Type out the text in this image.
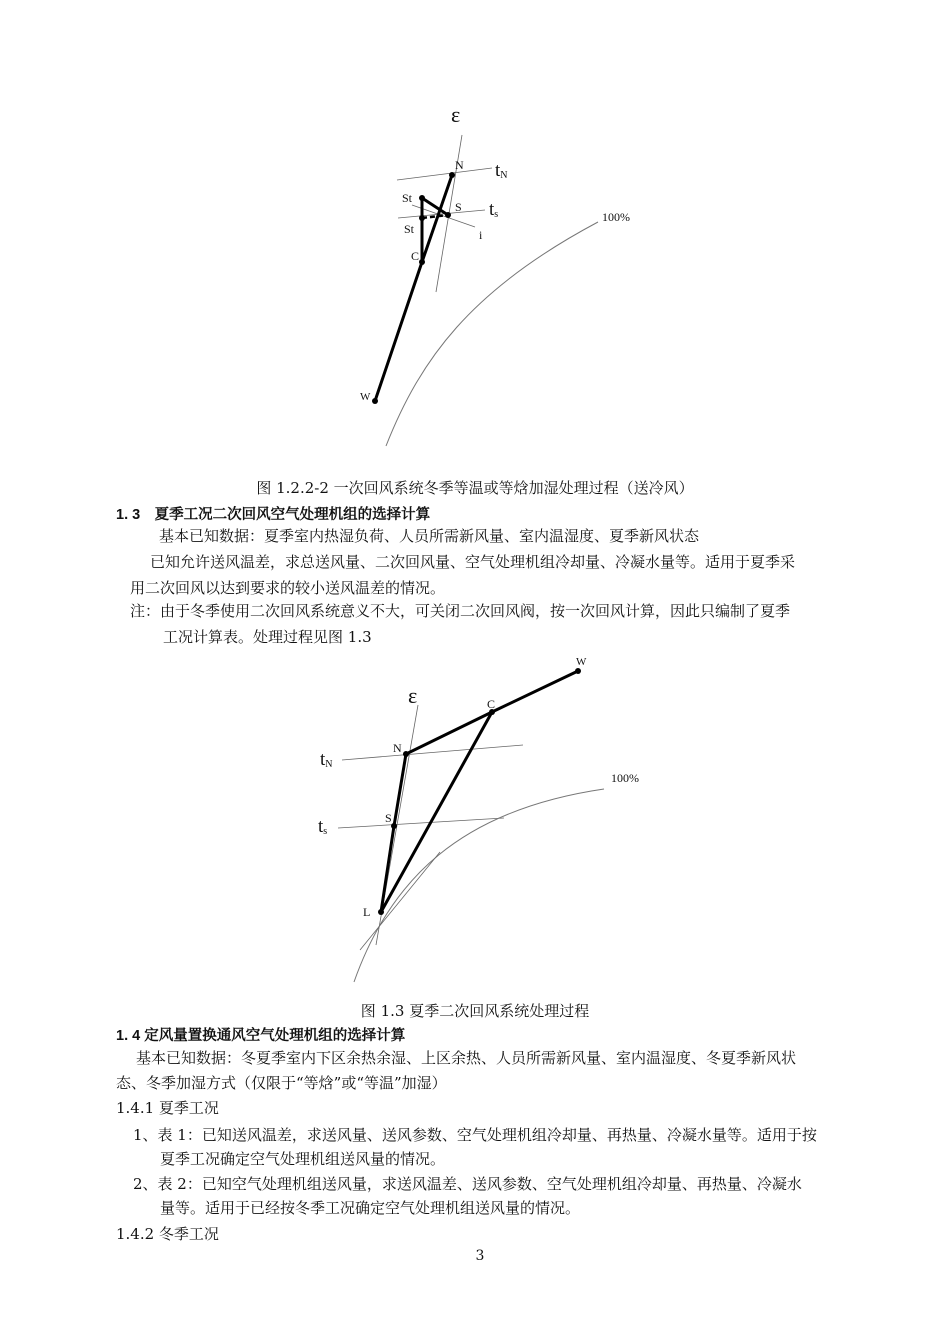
ε
N tN
St
S ts
St	i
C
W
100%
图 1.2.2-2 一次回风系统冬季等温或等焓加湿处理过程（送冷风）
1. 3　夏季工况二次回风空气处理机组的选择计算
基本已知数据：夏季室内热湿负荷、人员所需新风量、室内温湿度、夏季新风状态
已知允许送风温差，求总送风量、二次回风量、空气处理机组冷却量、冷凝水量等。适用于夏季采
用二次回风以达到要求的较小送风温差的情况。
注：由于冬季使用二次回风系统意义不大，可关闭二次回风阀，按一次回风计算，因此只编制了夏季
工况计算表。处理过程见图 1.3
W
ε	C
N
tN
100%
S
ts
L
图 1.3 夏季二次回风系统处理过程
1. 4 定风量置换通风空气处理机组的选择计算
基本已知数据：冬夏季室内下区余热余湿、上区余热、人员所需新风量、室内温湿度、冬夏季新风状
态、冬季加湿方式（仅限于“等焓”或“等温”加湿）
1.4.1 夏季工况
1、表 1：已知送风温差，求送风量、送风参数、空气处理机组冷却量、再热量、冷凝水量等。适用于按
夏季工况确定空气处理机组送风量的情况。
2、表 2：已知空气处理机组送风量，求送风温差、送风参数、空气处理机组冷却量、再热量、冷凝水
量等。适用于已经按冬季工况确定空气处理机组送风量的情况。
1.4.2 冬季工况
3
